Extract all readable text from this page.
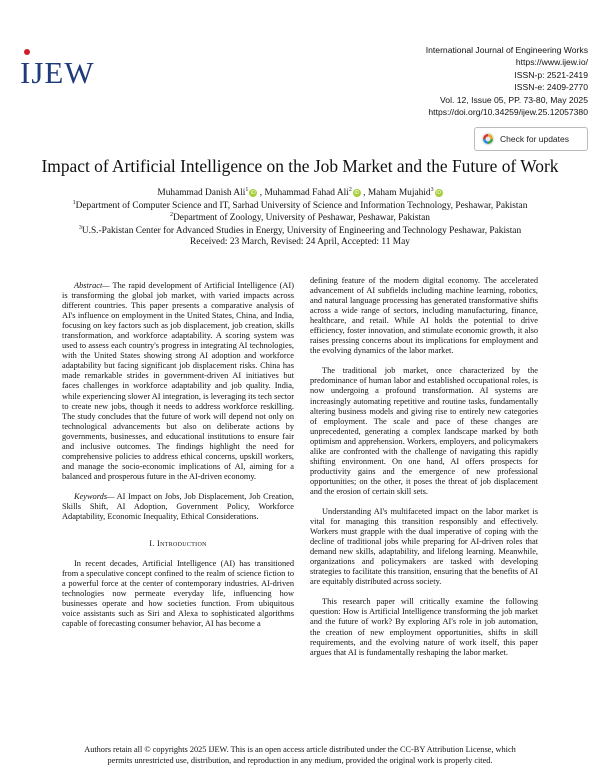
IJEW
International Journal of Engineering Works
https://www.ijew.io/
ISSN-p: 2521-2419
ISSN-e: 2409-2770
Vol. 12, Issue 05, PP. 73-80, May 2025
https://doi.org/10.34259/ijew.25.12057380
Check for updates
Impact of Artificial Intelligence on the Job Market and the Future of Work
Muhammad Danish Ali$^1$iD , Muhammad Fahad Ali$^2$iD , Maham Mujahid$^3$iD
$^1$Department of Computer Science and IT, Sarhad University of Science and Information Technology, Peshawar, Pakistan
$^2$Department of Zoology, University of Peshawar, Peshawar, Pakistan
$^3$U.S.-Pakistan Center for Advanced Studies in Energy, University of Engineering and Technology Peshawar, Pakistan
Received: 23 March, Revised: 24 April, Accepted: 11 May

Abstract— The rapid development of Artificial Intelligence (AI) is transforming the global job market, with varied impacts across different countries. This paper presents a comparative analysis of AI's influence on employment in the United States, China, and India, focusing on key factors such as job displacement, job creation, skills transformation, and workforce adaptability. A scoring system was used to assess each country's progress in integrating AI technologies, with the United States showing strong AI adoption and workforce adaptability but facing significant job displacement risks. China has made remarkable strides in government-driven AI initiatives but faces challenges in workforce adaptability and job quality. India, while experiencing slower AI integration, is leveraging its tech sector to create new jobs, though it needs to address workforce reskilling. The study concludes that the future of work will depend not only on technological advancements but also on deliberate actions by governments, businesses, and educational institutions to ensure fair and inclusive outcomes. The findings highlight the need for comprehensive policies to address ethical concerns, upskill workers, and manage the socio-economic implications of AI, aiming for a balanced and prosperous future in the AI-driven economy.

Keywords— AI Impact on Jobs, Job Displacement, Job Creation, Skills Shift, AI Adoption, Government Policy, Workforce Adaptability, Economic Inequality, Ethical Considerations.

I. Introduction

In recent decades, Artificial Intelligence (AI) has transitioned from a speculative concept confined to the realm of science fiction to a powerful force at the center of contemporary industries. AI-driven technologies now permeate everyday life, influencing how businesses operate and how societies function. From ubiquitous voice assistants such as Siri and Alexa to sophisticated algorithms capable of forecasting consumer behavior, AI has become a

defining feature of the modern digital economy. The accelerated advancement of AI subfields including machine learning, robotics, and natural language processing has generated transformative shifts across a wide range of sectors, including manufacturing, finance, healthcare, and retail. While AI holds the potential to drive efficiency, foster innovation, and stimulate economic growth, it also raises pressing concerns about its implications for employment and the evolving dynamics of the labor market.

The traditional job market, once characterized by the predominance of human labor and established occupational roles, is now undergoing a profound transformation. AI systems are increasingly automating repetitive and routine tasks, fundamentally altering business models and giving rise to entirely new categories of employment. The scale and pace of these changes are unprecedented, generating a complex landscape marked by both optimism and apprehension. Workers, employers, and policymakers alike are confronted with the challenge of navigating this rapidly shifting environment. On one hand, AI offers prospects for productivity gains and the emergence of new professional opportunities; on the other, it poses the threat of job displacement and the erosion of certain skill sets.

Understanding AI's multifaceted impact on the labor market is vital for managing this transition responsibly and effectively. Workers must grapple with the dual imperative of coping with the decline of traditional jobs while preparing for AI-driven roles that demand new skills, adaptability, and lifelong learning. Meanwhile, organizations and policymakers are tasked with developing strategies to facilitate this transition, ensuring that the benefits of AI are equitably distributed across society.

This research paper will critically examine the following question: How is Artificial Intelligence transforming the job market and the future of work? By exploring AI's role in job automation, the creation of new employment opportunities, shifts in skill requirements, and the evolving nature of work itself, this paper argues that AI is fundamentally reshaping the labor market.

Authors retain all © copyrights 2025 IJEW. This is an open access article distributed under the CC-BY Attribution License, which
permits unrestricted use, distribution, and reproduction in any medium, provided the original work is properly cited.
